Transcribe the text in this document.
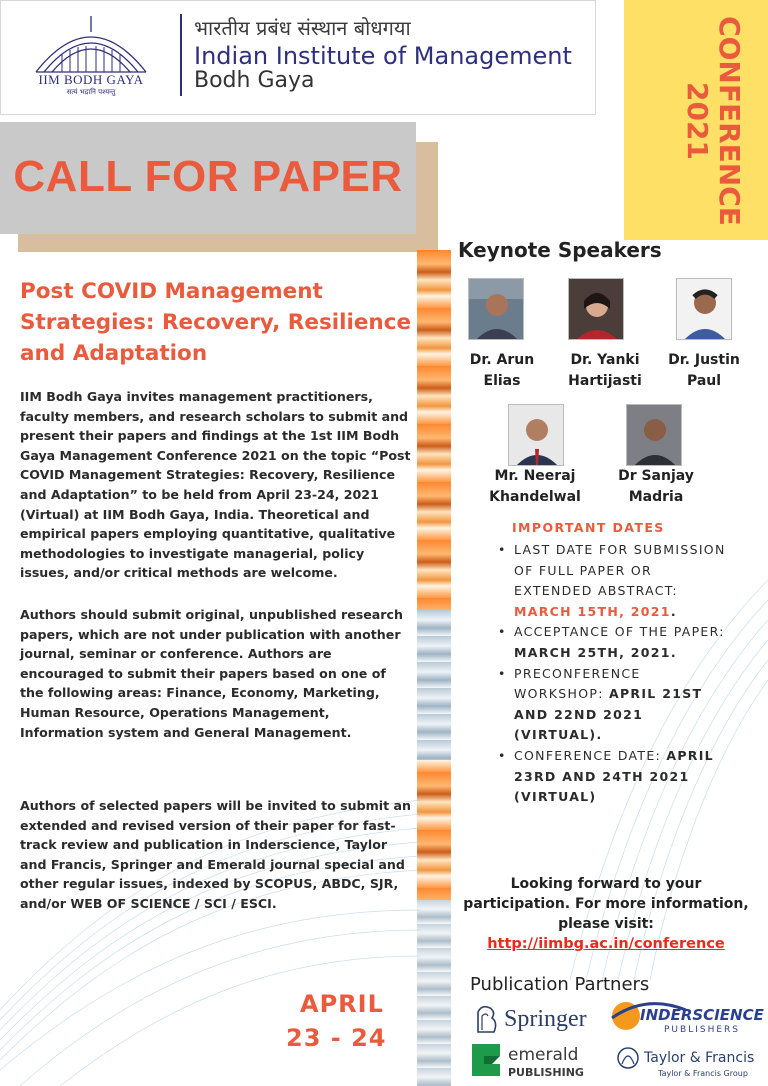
IIM BODH GAYA
सत्यं भद्रानि पश्यन्तु
भारतीय प्रबंध संस्थान बोधगया
Indian Institute of Management
Bodh Gaya	CONFERENCE
2021
CALL FOR PAPER
Post COVID Management Strategies: Recovery, Resilience and Adaptation
IIM Bodh Gaya invites management practitioners, faculty members, and research scholars to submit and present their papers and findings at the 1st IIM Bodh Gaya Management Conference 2021 on the topic “Post COVID Management Strategies: Recovery, Resilience and Adaptation” to be held from April 23-24, 2021 (Virtual) at IIM Bodh Gaya, India. Theoretical and empirical papers employing quantitative, qualitative methodologies to investigate managerial, policy issues, and/or critical methods are welcome.
Authors should submit original, unpublished research papers, which are not under publication with another journal, seminar or conference. Authors are encouraged to submit their papers based on one of the following areas: Finance, Economy, Marketing, Human Resource, Operations Management, Information system and General Management.
Authors of selected papers will be invited to submit an extended and revised version of their paper for fast-track review and publication in Inderscience, Taylor and Francis, Springer and Emerald journal special and other regular issues, indexed by SCOPUS, ABDC, SJR, and/or WEB OF SCIENCE / SCI / ESCI.
APRIL
23 - 24
Keynote Speakers
Dr. Arun
Elias
Dr. Yanki
Hartijasti
Dr. Justin
Paul
Mr. Neeraj
Khandelwal
Dr Sanjay
Madria
IMPORTANT DATES
• LAST DATE FOR SUBMISSION OF FULL PAPER OR EXTENDED ABSTRACT: MARCH 15TH, 2021.
• ACCEPTANCE OF THE PAPER: MARCH 25TH, 2021.
• PRECONFERENCE WORKSHOP: APRIL 21ST AND 22ND 2021 (VIRTUAL).
• CONFERENCE DATE: APRIL 23RD AND 24TH 2021 (VIRTUAL)
Looking forward to your participation. For more information, please visit:
http://iimbg.ac.in/conference
Publication Partners
Springer	INDERSCIENCE
PUBLISHERS
emerald
PUBLISHING
Taylor & Francis
Taylor & Francis Group
